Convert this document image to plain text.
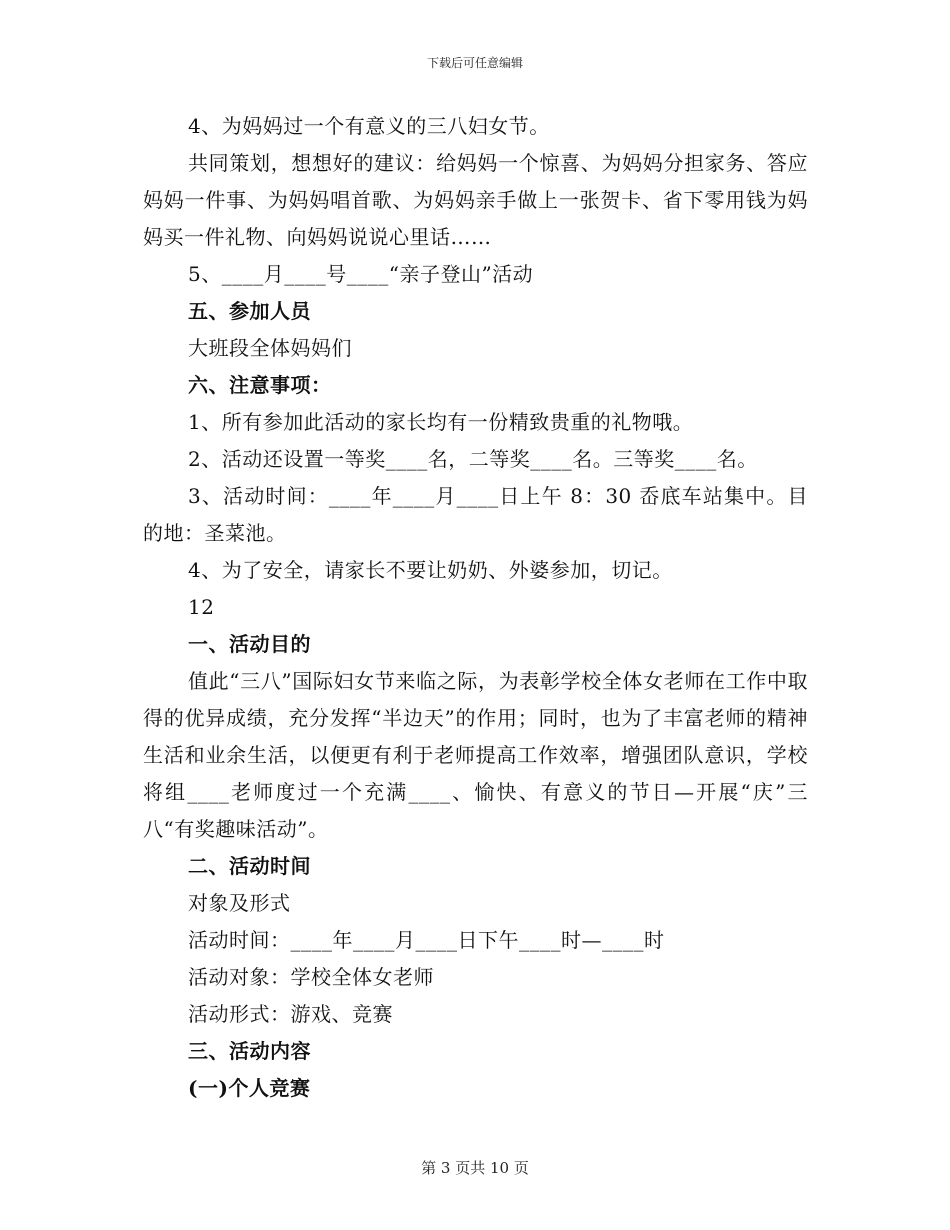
下载后可任意编辑

4、为妈妈过一个有意义的三八妇女节。

共同策划，想想好的建议：给妈妈一个惊喜、为妈妈分担家务、答应妈妈一件事、为妈妈唱首歌、为妈妈亲手做上一张贺卡、省下零用钱为妈妈买一件礼物、向妈妈说说心里话……

5、____月____号____“亲子登山”活动

五、参加人员

大班段全体妈妈们

六、注意事项：

1、所有参加此活动的家长均有一份精致贵重的礼物哦。

2、活动还设置一等奖____名，二等奖____名。三等奖____名。

3、活动时间：____年____月____日上午 8：30 岙底车站集中。目的地：圣菜池。

4、为了安全，请家长不要让奶奶、外婆参加，切记。

12

一、活动目的

值此“三八”国际妇女节来临之际，为表彰学校全体女老师在工作中取得的优异成绩，充分发挥“半边天”的作用；同时，也为了丰富老师的精神生活和业余生活，以便更有利于老师提高工作效率，增强团队意识，学校将组____老师度过一个充满____、愉快、有意义的节日—开展“庆”三八“有奖趣味活动”。

二、活动时间

对象及形式

活动时间：____年____月____日下午____时—____时

活动对象：学校全体女老师

活动形式：游戏、竞赛

三、活动内容

(一)个人竞赛

第 3 页共 10 页
